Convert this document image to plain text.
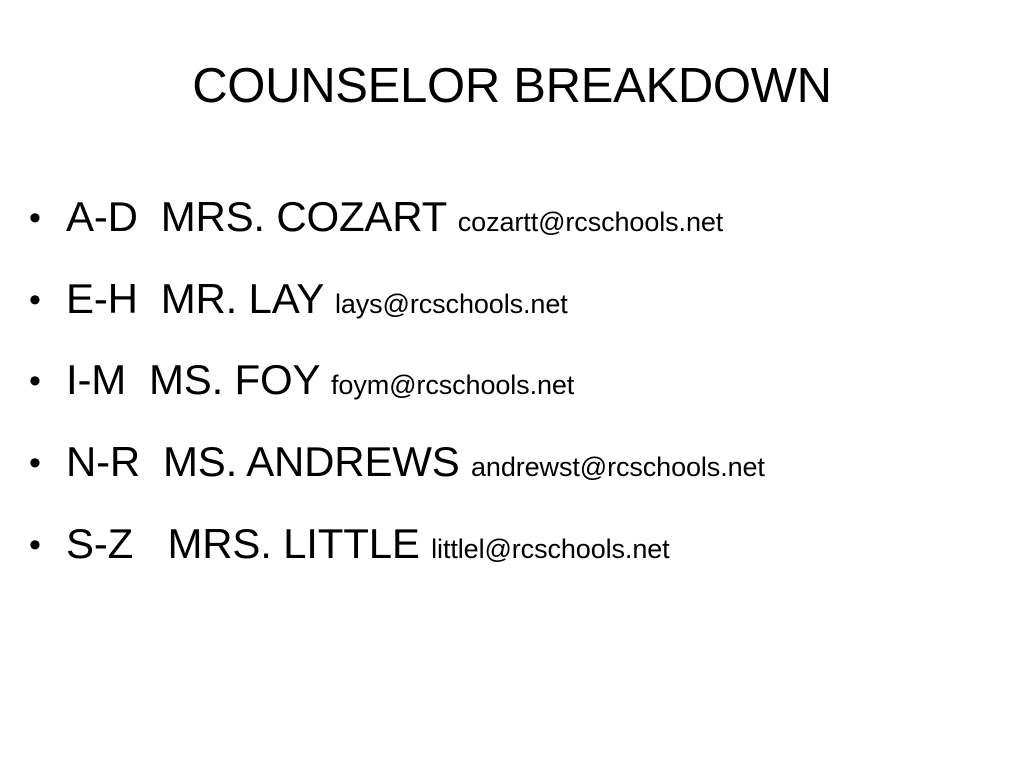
COUNSELOR BREAKDOWN
• A-D MRS. COZART cozartt@rcschools.net
• E-H MR. LAY lays@rcschools.net
• I-M MS. FOY foym@rcschools.net
• N-R MS. ANDREWS andrewst@rcschools.net
• S-Z MRS. LITTLE littlel@rcschools.net
